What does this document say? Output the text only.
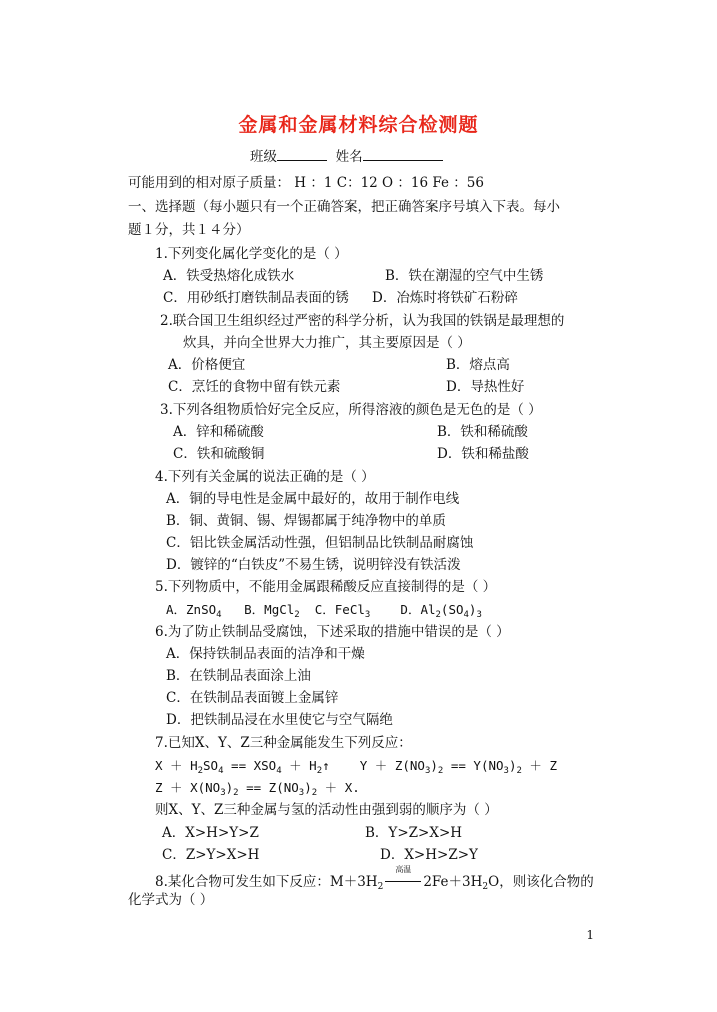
金属和金属材料综合检测题
班级	姓名
可能用到的相对原子质量： H ：1 C：12 O ：16 Fe ：56
一、选择题（每小题只有一个正确答案，把正确答案序号填入下表。每小
题１分，共１４分）
1.下列变化属化学变化的是（ ）
A．铁受热熔化成铁水	B．铁在潮湿的空气中生锈
C．用砂纸打磨铁制品表面的锈 D．冶炼时将铁矿石粉碎
2.联合国卫生组织经过严密的科学分析，认为我国的铁锅是最理想的
炊具，并向全世界大力推广，其主要原因是（ ）
A．价格便宜	B．熔点高
C．烹饪的食物中留有铁元素	D．导热性好
3.下列各组物质恰好完全反应，所得溶液的颜色是无色的是（ ）
A．锌和稀硫酸	B．铁和稀硫酸
C．铁和硫酸铜	D．铁和稀盐酸
4.下列有关金属的说法正确的是（ ）
A．铜的导电性是金属中最好的，故用于制作电线
B．铜、黄铜、锡、焊锡都属于纯净物中的单质
C．铝比铁金属活动性强，但铝制品比铁制品耐腐蚀
D．镀锌的“白铁皮”不易生锈，说明锌没有铁活泼
5.下列物质中，不能用金属跟稀酸反应直接制得的是（ ）
A．ZnSO$_4$   B．MgCl$_2$  C．FeCl$_3$    D．$Al_2(SO_4)_3$
6.为了防止铁制品受腐蚀，下述采取的措施中错误的是（ ）
A．保持铁制品表面的洁净和干燥
B．在铁制品表面涂上油
C．在铁制品表面镀上金属锌
D．把铁制品浸在水里使它与空气隔绝
7.已知X、Y、Z三种金属能发生下列反应：
$X + H_2SO_4 == XSO_4$ ＋ $H_2↑$    $Y + Z(NO_3)_2 == Y(NO_3)_2 + Z$
$Z + X(NO_3)_2 == Z(NO_3)_2 + X$.
则X、Y、Z三种金属与氢的活动性由强到弱的顺序为（ ）
A．X>H>Y>Z	B．Y>Z>X>H
C．Z>Y>X>H	D．X>H>Z>Y
8.某化合物可发生如下反应：$M+3H_2$
高温
$2Fe+3H_2O$，则该化合物的
化学式为（ ）
1
